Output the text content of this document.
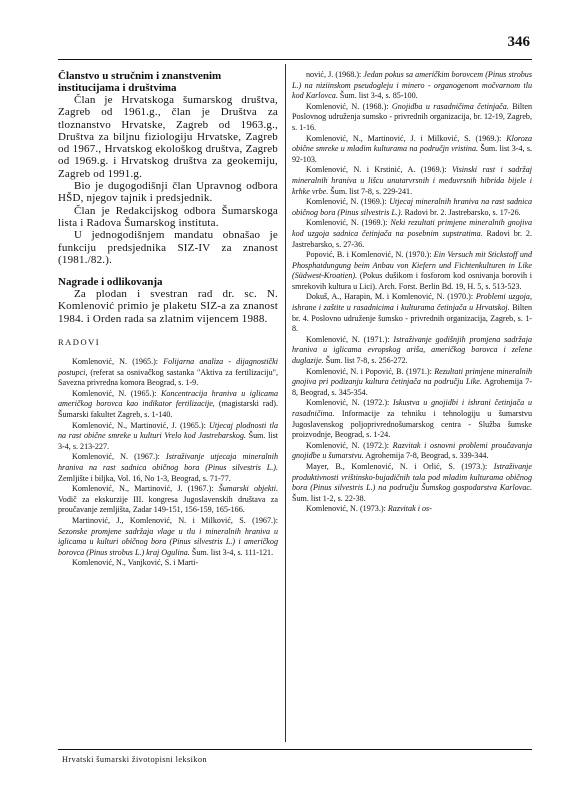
346
Članstvo u stručnim i znanstvenim institucijama i društvima

Član je Hrvatskoga šumarskog društva, Zagreb od 1961.g., član je Društva za tloznanstvo Hrvatske, Zagreb od 1963.g., Društva za biljnu fiziologiju Hrvatske, Zagreb od 1967., Hrvatskog ekološkog društva, Zagreb od 1969.g. i Hrvatskog društva za geokemiju, Zagreb od 1991.g.

Bio je dugogodišnji član Upravnog odbora HŠD, njegov tajnik i predsjednik.

Član je Redakcijskog odbora Šumarskoga lista i Radova Šumarskog instituta.

U jednogodišnjem mandatu obnašao je funkciju predsjednika SIZ-IV za znanost (1981./82.).

Nagrade i odlikovanja

Za plodan i svestran rad dr. sc. N. Komlenović primio je plaketu SIZ-a za znanost 1984. i Orden rada sa zlatnim vijencem 1988.

RADOVI

Komlenović, N. (1965.): Folijarna analiza - dijagnostički postupci, (referat sa osnivačkog sastanka "Aktiva za fertilizaciju", Savezna privredna komora Beograd, s. 1-9.

Komlenović, N. (1965.): Koncentracija hraniva u iglicama američkog borovca kao indikator fertilizacije, (magistarski rad). Šumarski fakultet Zagreb, s. 1-140.

Komlenović, N., Martinović, J. (1965.): Utjecaj plodnosti tla na rast obične smreke u kulturi Vrelo kod Jastrebarskog. Šum. list 3-4, s. 213-227.

Komlenović, N. (1967.): Istraživanje utjecaja mineralnih hraniva na rast sadnica običnog bora (Pinus silvestris L.). Zemljište i biljka, Vol. 16, No 1-3, Beograd, s. 71-77.

Komlenović, N., Martinović, J. (1967.): Šumarski objekti. Vodič za ekskurzije III. kongresa Jugoslavenskih društava za proučavanje zemljišta, Zadar 149-151, 156-159, 165-166.

Martinović, J., Komlenović, N. i Milković, S. (1967.): Sezonske promjene sadržaja vlage u tlu i mineralnih hraniva u iglicama u kulturi običnog bora (Pinus silvestris L.) i američkog borovca (Pinus strobus L.) kraj Ogulina. Šum. list 3-4, s. 111-121.

Komlenović, N., Vanjković, S. i Marti-

nović, J. (1968.): Jedan pokus sa američkim borovcem (Pinus strobus L.) na niziinskom pseudogleju i minero - organogenom močvarnom tlu kod Karlovca. Šum. list 3-4, s. 85-100.

Komlenović, N. (1968.): Gnojidba u rasadničima četinjača. Bilten Poslovnog udruženja sumsko - privrednih organizacija, br. 12-19, Zagreb, s. 1-16.

Komlenović, N., Martinović, J. i Milković, S. (1969.): Kloroza obične smreke u mladim kulturama na područjn vristina. Šum. list 3-4, s. 92-103.

Komlenović, N. i Krstinić, A. (1969.): Visinski rast i sadržaj mineralnih hraniva u lišcu unutarvrsnih i međuvrsnih hibrida bijele i krhke vrbe. Šum. list 7-8, s. 229-241.

Komlenović, N. (1969.): Utjecaj mineralnih hraniva na rast sadnica običnog bora (Pinus silvestris L.). Radovi br. 2. Jastrebarsko, s. 17-26.

Komlenović, N. (1969.): Neki rezultati primjene mineralnih gnojiva kod uzgoja sadnica četinjača na posebnim supstratima. Radovi br. 2. Jastrebarsko, s. 27-36.

Popović, B. i Komlenović, N. (1970.): Ein Versuch mit Stickstoff und Phosphatdungung beim Anbau von Kiefern und Fichtenkulturen in Like (Südwest-Kroatien). (Pokus dušikom i fosforom kod osnivanja borovih i smrekovih kultura u Lici). Arch. Forst. Berlin Bd. 19, H. 5, s. 513-523.

Dokuš, A., Harapin, M. i Komlenović, N. (1970.): Problemi uzgoja, ishrane i zaštite u rasadnicima i kulturama četinjača u Hrvatskoj. Bilten br. 4. Poslovno udruženje šumsko - privrednih organizacija, Zagreb, s. 1-8.

Komlenović, N. (1971.): Istraživanje godišnjih promjena sadržaja hraniva u iglicama evropskog ariša, američkog borovca i zelene duglazije. Šum. list 7-8, s. 256-272.

Komlenović, N. i Popović, B. (1971.): Rezultati primjene mineralnih gnojiva pri podizanju kultura četinjača na području Like. Agrohemija 7-8, Beograd, s. 345-354.

Komlenović, N. (1972.): Iskustva u gnojidbi i ishrani četinjača u rasadničima. Informacije za tehniku i tehnologiju u šumarstvu Jugoslavenskog poljoprivrednošumarskog centra - Služba šumske proizvodnje, Beograd, s. 1-24.

Komlenović, N. (1972.): Razvitak i osnovni problemi proučavanja gnojidbe u šumarstvu. Agrohemija 7-8, Beograd, s. 339-344.

Mayer, B., Komlenović, N. i Orlić, S. (1973.): Istraživanje produktivnosti vrištinsko-bujadičnih tala pod mladim kulturama običnog bora (Pinus silvestris L.) na području Šumskog gospodarstva Karlovac. Šum. list 1-2, s. 22-38.

Komlenović, N. (1973.): Razvitak i os-

Hrvatski šumarski životopisni leksikon
